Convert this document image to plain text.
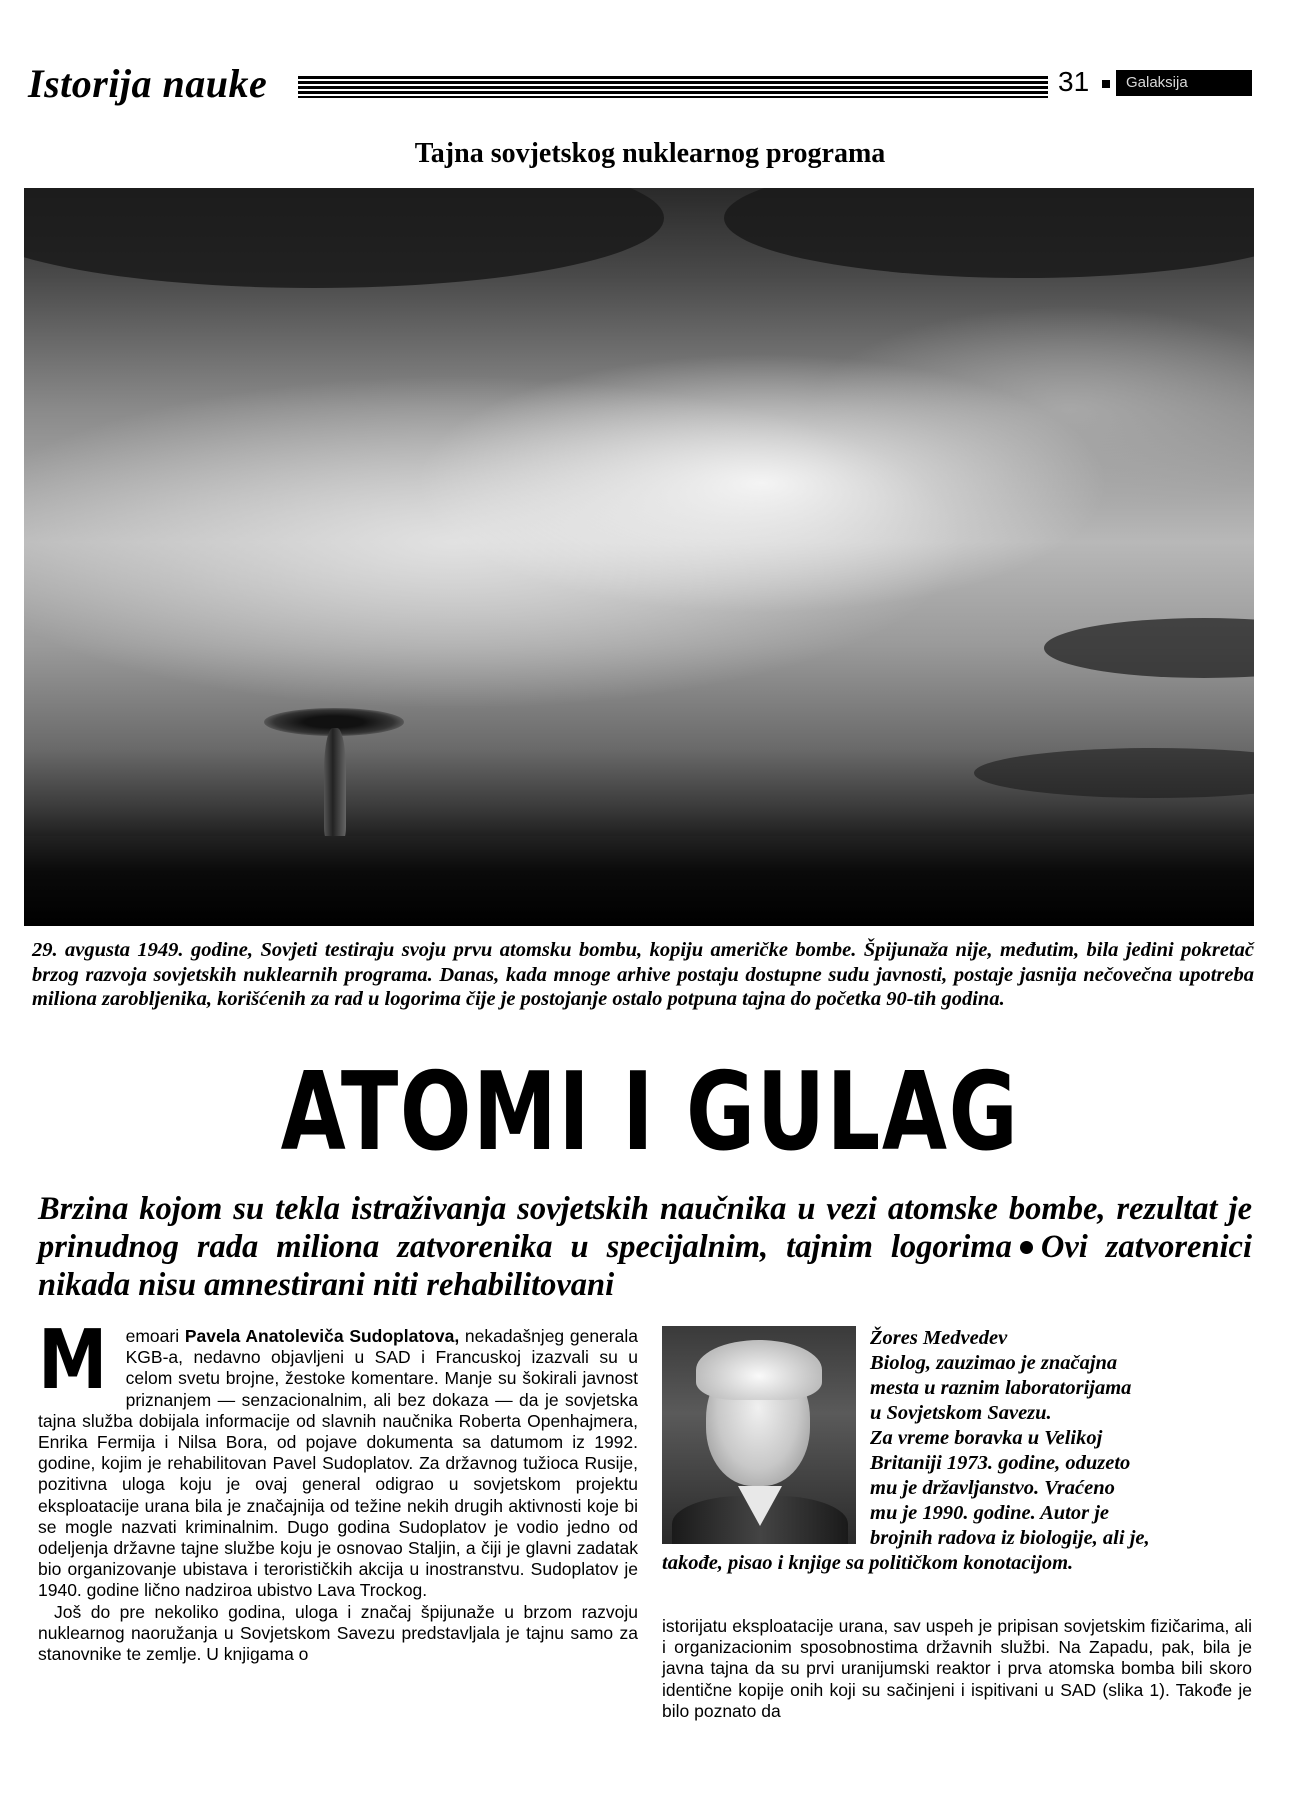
Istorija nauke	31 Galaksija
Tajna sovjetskog nuklearnog programa

29. avgusta 1949. godine, Sovjeti testiraju svoju prvu atomsku bombu, kopiju američke bombe. Špijunaža nije, međutim, bila jedini pokretač brzog razvoja sovjetskih nuklearnih programa. Danas, kada mnoge arhive postaju dostupne sudu javnosti, postaje jasnija nečovečna upotreba miliona zarobljenika, korišćenih za rad u logorima čije je postojanje ostalo potpuna tajna do početka 90-tih godina.

ATOMI I GULAG

Brzina kojom su tekla istraživanja sovjetskih naučnika u vezi atomske bombe, rezultat je prinudnog rada miliona zatvorenika u specijalnim, tajnim logorima Ovi zatvorenici nikada nisu amnestirani niti rehabilitovani

M emoari Pavela Anatoleviča Sudoplatova, nekadašnjeg generala KGB-a, nedavno objavljeni u SAD i Francuskoj izazvali su u celom svetu brojne, žestoke komentare. Manje su šokirali javnost priznanjem — senzacionalnim, ali bez dokaza — da je sovjetska tajna služba dobijala informacije od slavnih naučnika Roberta Openhajmera, Enrika Fermija i Nilsa Bora, od pojave dokumenta sa datumom iz 1992. godine, kojim je rehabilitovan Pavel Sudoplatov. Za državnog tužioca Rusije, pozitivna uloga koju je ovaj general odigrao u sovjetskom projektu eksploatacije urana bila je značajnija od težine nekih drugih aktivnosti koje bi se mogle nazvati kriminalnim. Dugo godina Sudoplatov je vodio jedno od odeljenja državne tajne službe koju je osnovao Staljin, a čiji je glavni zadatak bio organizovanje ubistava i terorističkih akcija u inostranstvu. Sudoplatov je 1940. godine lično nadziroa ubistvo Lava Trockog.

Još do pre nekoliko godina, uloga i značaj špijunaže u brzom razvoju nuklearnog naoružanja u Sovjetskom Savezu predstavljala je tajnu samo za stanovnike te zemlje. U knjigama o

Žores Medvedev
Biolog, zauzimao je značajna
mesta u raznim laboratorijama
u Sovjetskom Savezu.
Za vreme boravka u Velikoj
Britaniji 1973. godine, oduzeto
mu je državljanstvo. Vraćeno
mu je 1990. godine. Autor je
brojnih radova iz biologije, ali je,
takođe, pisao i knjige sa političkom konotacijom.

istorijatu eksploatacije urana, sav uspeh je pripisan sovjetskim fizičarima, ali i organizacionim sposobnostima državnih službi. Na Zapadu, pak, bila je javna tajna da su prvi uranijumski reaktor i prva atomska bomba bili skoro identične kopije onih koji su sačinjeni i ispitivani u SAD (slika 1). Takođe je bilo poznato da
